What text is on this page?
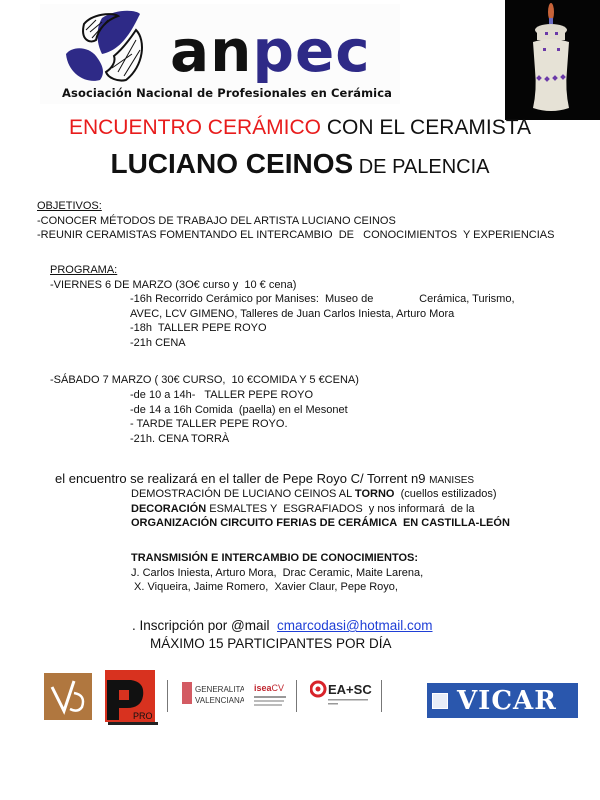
anpec
Asociación Nacional de Profesionales en Cerámica
ENCUENTRO CERÁMICO CON EL CERAMISTA
LUCIANO CEINOS DE PALENCIA
OBJETIVOS:
-CONOCER MÉTODOS DE TRABAJO DEL ARTISTA LUCIANO CEINOS
-REUNIR CERAMISTAS FOMENTANDO EL INTERCAMBIO  DE   CONOCIMIENTOS  Y EXPERIENCIAS
PROGRAMA:
-VIERNES 6 DE MARZO (3O€ curso y  10 € cena)
-16h Recorrido Cerámico por Manises:  Museo de               Cerámica, Turismo,
AVEC, LCV GIMENO, Talleres de Juan Carlos Iniesta, Arturo Mora
-18h  TALLER PEPE ROYO
-21h CENA
-SÁBADO 7 MARZO ( 30€ CURSO,  10 €COMIDA Y 5 €CENA)
-de 10 a 14h-   TALLER PEPE ROYO
-de 14 a 16h Comida  (paella) en el Mesonet
- TARDE TALLER PEPE ROYO.
-21h. CENA TORRÀ
el encuentro se realizará en el taller de Pepe Royo C/ Torrent n9 MANISES
DEMOSTRACIÓN DE LUCIANO CEINOS AL TORNO  (cuellos estilizados)
DECORACIÓN ESMALTES Y  ESGRAFIADOS  y nos informará  de la
ORGANIZACIÓN CIRCUITO FERIAS DE CERÁMICA  EN CASTILLA-LEÓN
TRANSMISIÓN E INTERCAMBIO DE CONOCIMIENTOS:
J. Carlos Iniesta, Arturo Mora,  Drac Ceramic, Maite Larena,
X. Viqueira, Jaime Romero,  Xavier Claur, Pepe Royo,
. Inscripción por @mail  cmarcodasi@hotmail.com
MÁXIMO 15 PARTICIPANTES POR DÍA
PRO
GENERALITAT
VALENCIANA
iseaCV	EA+SC	VICAR
